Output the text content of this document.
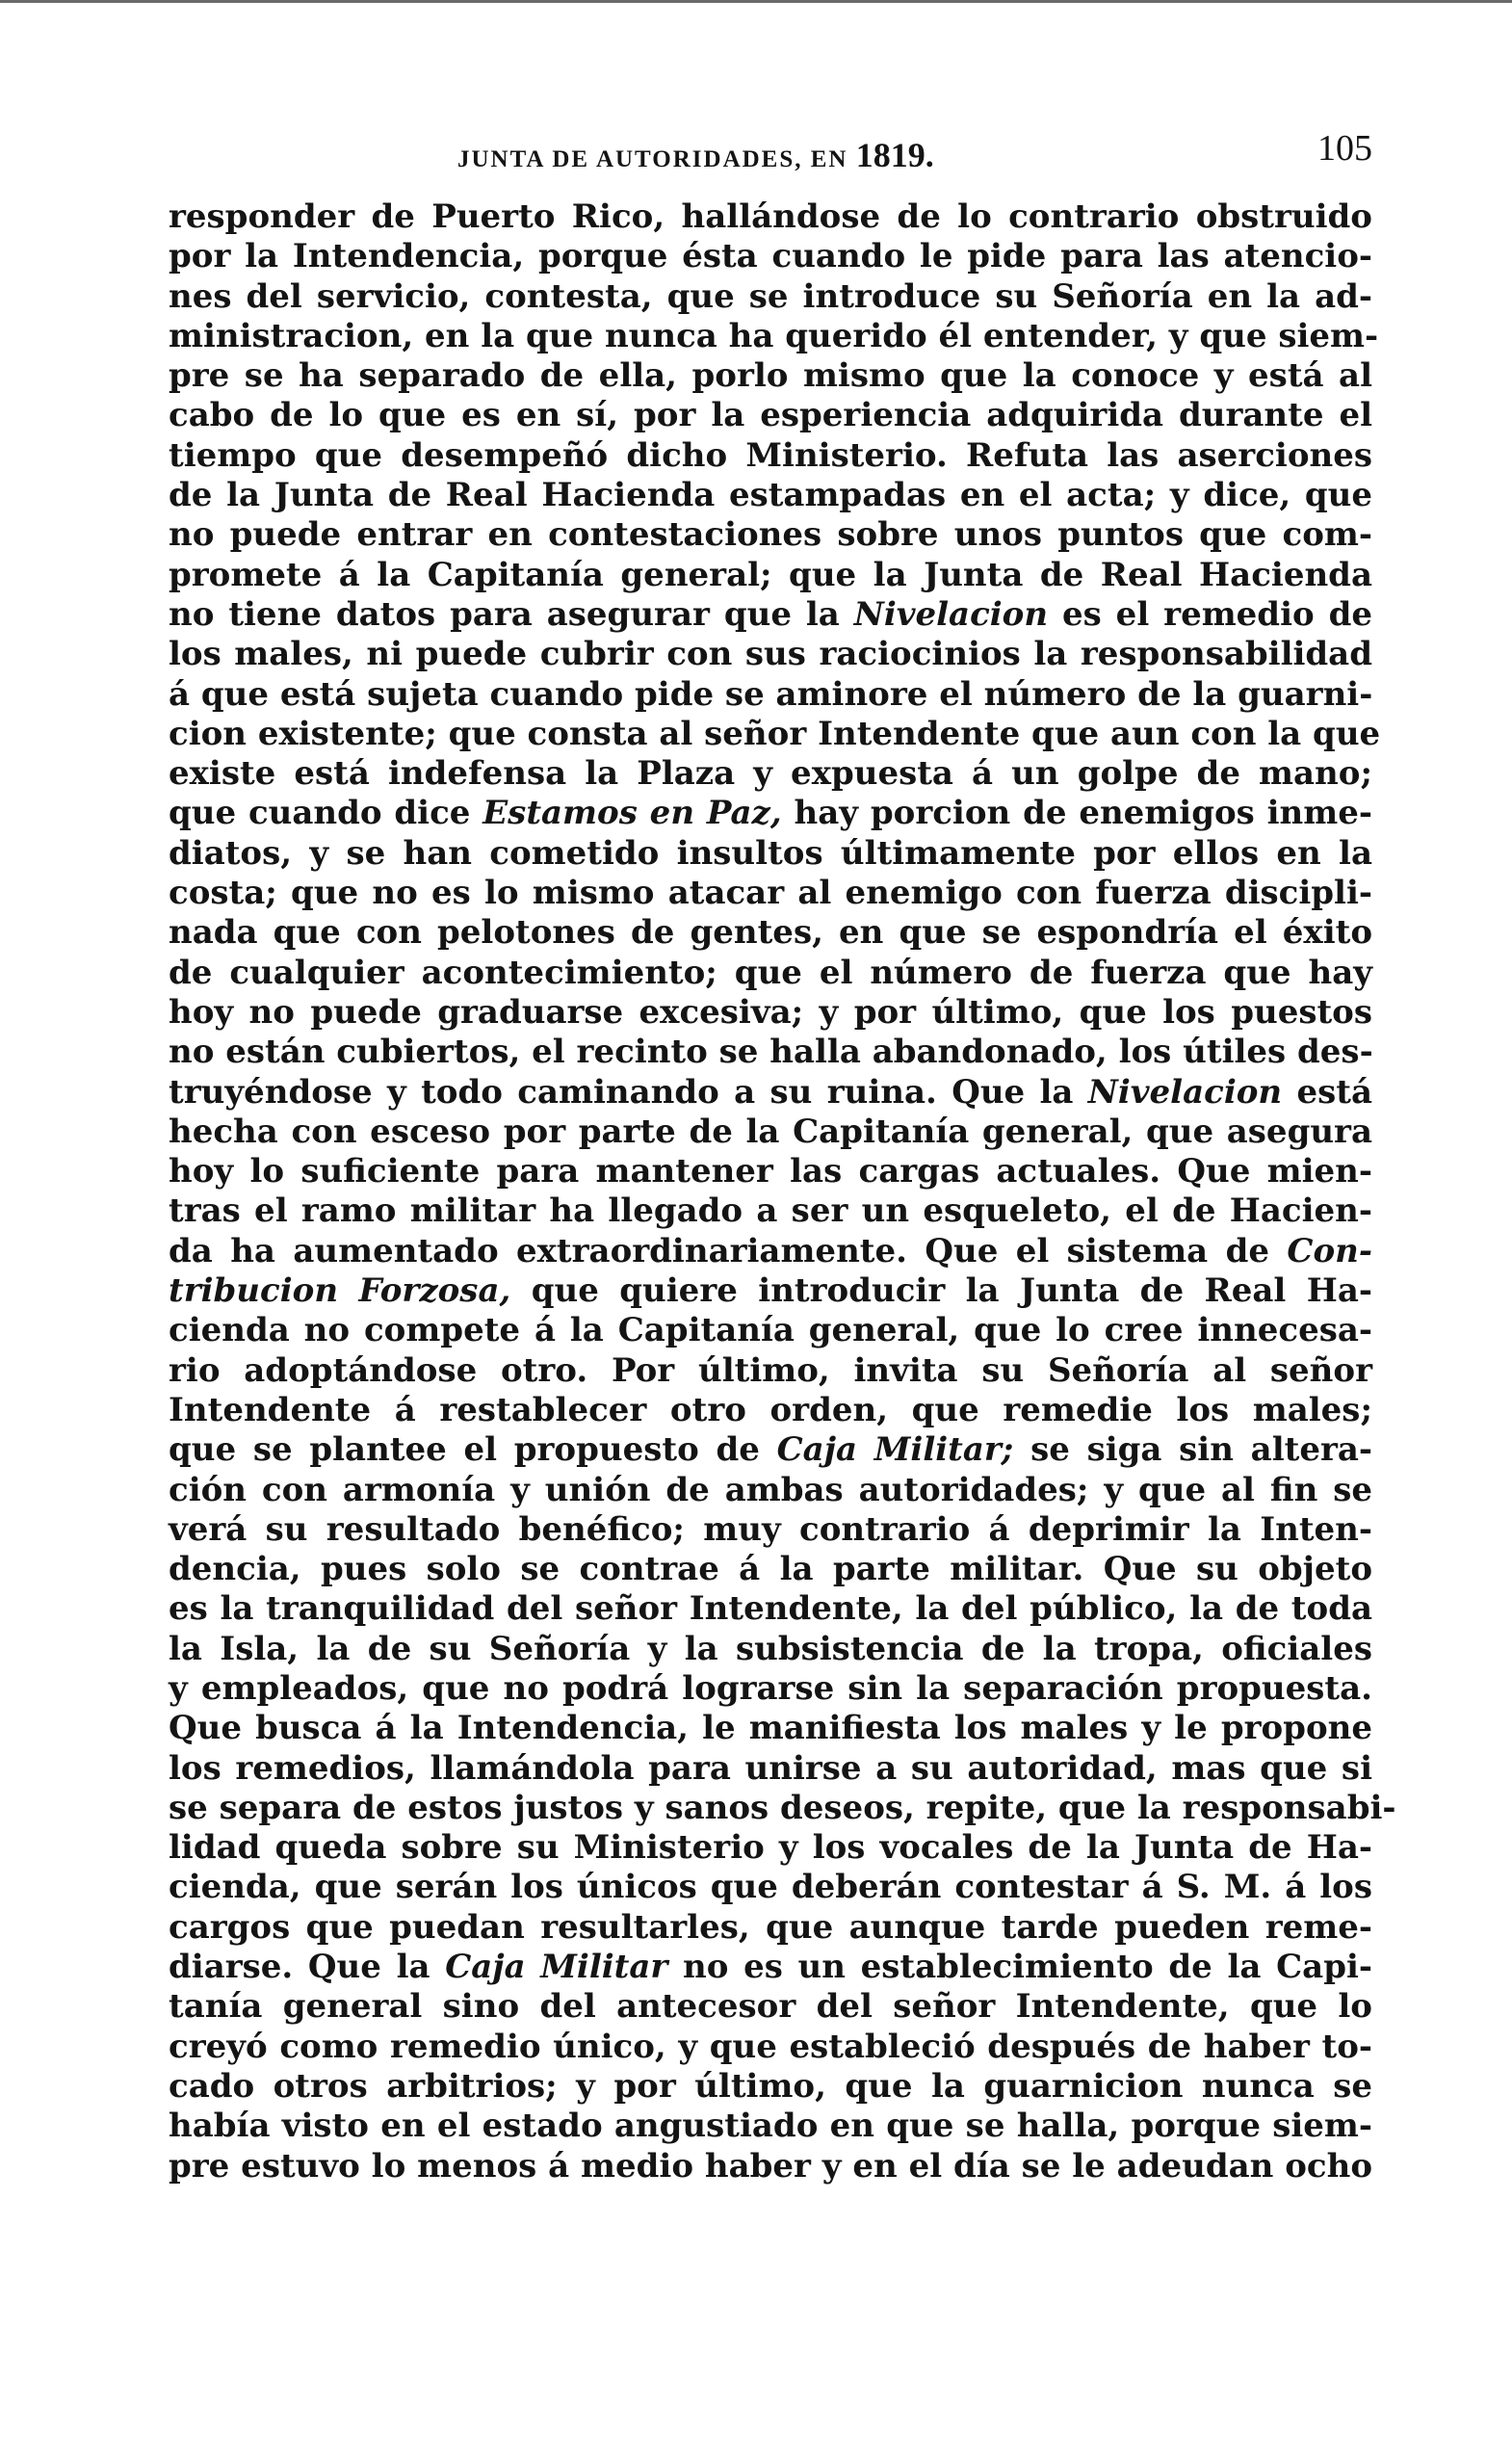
JUNTA DE AUTORIDADES, EN 1819.	105
responder de Puerto Rico, hallándose de lo contrario obstruido
por la Intendencia, porque ésta cuando le pide para las atencio-
nes del servicio, contesta, que se introduce su Señoría en la ad-
ministracion, en la que nunca ha querido él entender, y que siem-
pre se ha separado de ella, porlo mismo que la conoce y está al
cabo de lo que es en sí, por la esperiencia adquirida durante el
tiempo que desempeñó dicho Ministerio. Refuta las aserciones
de la Junta de Real Hacienda estampadas en el acta; y dice, que
no puede entrar en contestaciones sobre unos puntos que com-
promete á la Capitanía general; que la Junta de Real Hacienda
no tiene datos para asegurar que la Nivelacion es el remedio de
los males, ni puede cubrir con sus raciocinios la responsabilidad
á que está sujeta cuando pide se aminore el número de la guarni-
cion existente; que consta al señor Intendente que aun con la que
existe está indefensa la Plaza y expuesta á un golpe de mano;
que cuando dice Estamos en Paz, hay porcion de enemigos inme-
diatos, y se han cometido insultos últimamente por ellos en la
costa; que no es lo mismo atacar al enemigo con fuerza discipli-
nada que con pelotones de gentes, en que se espondría el éxito
de cualquier acontecimiento; que el número de fuerza que hay
hoy no puede graduarse excesiva; y por último, que los puestos
no están cubiertos, el recinto se halla abandonado, los útiles des-
truyéndose y todo caminando a su ruina. Que la Nivelacion está
hecha con esceso por parte de la Capitanía general, que asegura
hoy lo suficiente para mantener las cargas actuales. Que mien-
tras el ramo militar ha llegado a ser un esqueleto, el de Hacien-
da ha aumentado extraordinariamente. Que el sistema de Con-
tribucion Forzosa, que quiere introducir la Junta de Real Ha-
cienda no compete á la Capitanía general, que lo cree innecesa-
rio adoptándose otro. Por último, invita su Señoría al señor
Intendente á restablecer otro orden, que remedie los males;
que se plantee el propuesto de Caja Militar; se siga sin altera-
ción con armonía y unión de ambas autoridades; y que al fin se
verá su resultado benéfico; muy contrario á deprimir la Inten-
dencia, pues solo se contrae á la parte militar. Que su objeto
es la tranquilidad del señor Intendente, la del público, la de toda
la Isla, la de su Señoría y la subsistencia de la tropa, oficiales
y empleados, que no podrá lograrse sin la separación propuesta.
Que busca á la Intendencia, le manifiesta los males y le propone
los remedios, llamándola para unirse a su autoridad, mas que si
se separa de estos justos y sanos deseos, repite, que la responsabi-
lidad queda sobre su Ministerio y los vocales de la Junta de Ha-
cienda, que serán los únicos que deberán contestar á S. M. á los
cargos que puedan resultarles, que aunque tarde pueden reme-
diarse. Que la Caja Militar no es un establecimiento de la Capi-
tanía general sino del antecesor del señor Intendente, que lo
creyó como remedio único, y que estableció después de haber to-
cado otros arbitrios; y por último, que la guarnicion nunca se
había visto en el estado angustiado en que se halla, porque siem-
pre estuvo lo menos á medio haber y en el día se le adeudan ocho
